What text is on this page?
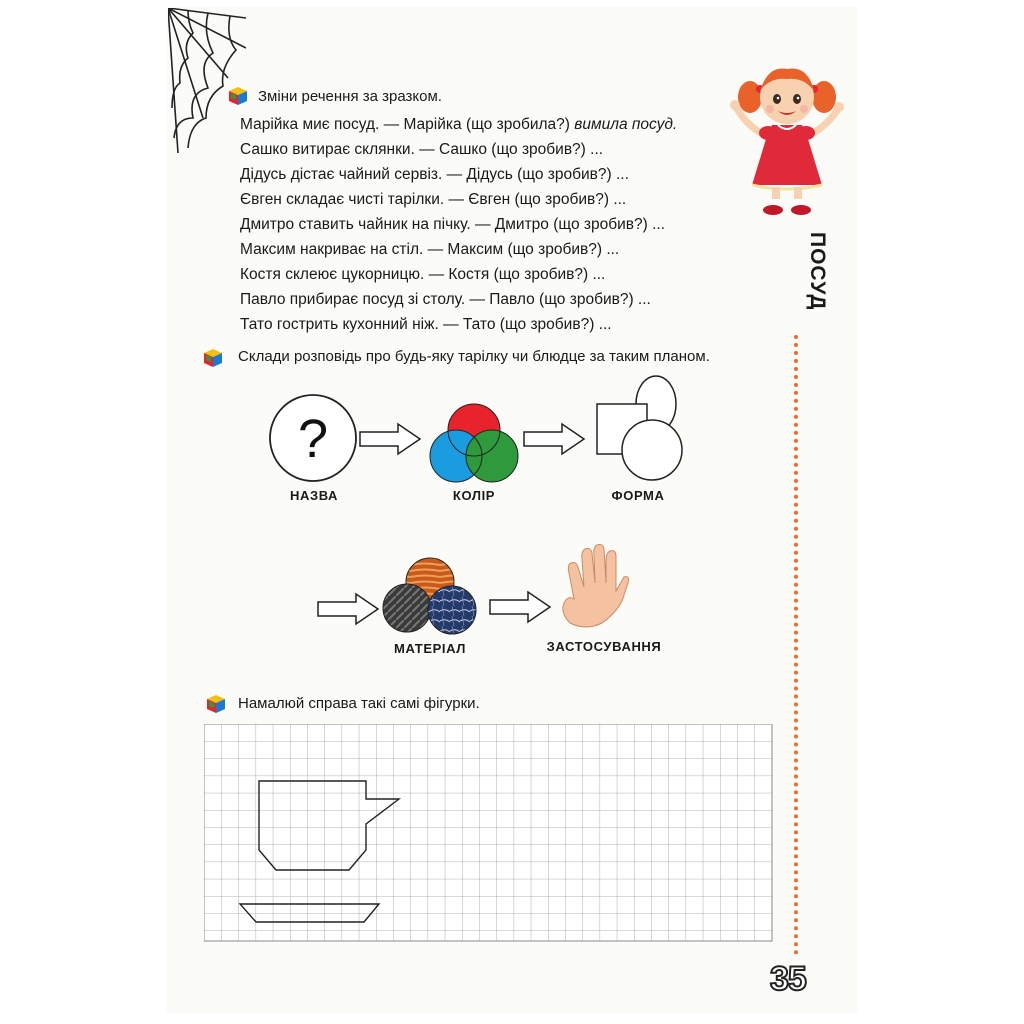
Зміни речення за зразком.
Марійка миє посуд. — Марійка (що зробила?) вимила посуд.
Сашко витирає склянки. — Сашко (що зробив?) ...
Дідусь дістає чайний сервіз. — Дідусь (що зробив?) ...
Євген складає чисті тарілки. — Євген (що зробив?) ...
Дмитро ставить чайник на пічку. — Дмитро (що зробив?) ...
Максим накриває на стіл. — Максим (що зробив?) ...
Костя склеює цукорницю. — Костя (що зробив?) ...
Павло прибирає посуд зі столу. — Павло (що зробив?) ...
Тато гострить кухонний ніж. — Тато (що зробив?) ...
ПОСУД
Склади розповідь про будь-яку тарілку чи блюдце за таким планом.
?
НАЗВА	КОЛІР	ФОРМА
МАТЕРІАЛ	ЗАСТОСУВАННЯ
Намалюй справа такі самі фігурки.
35
